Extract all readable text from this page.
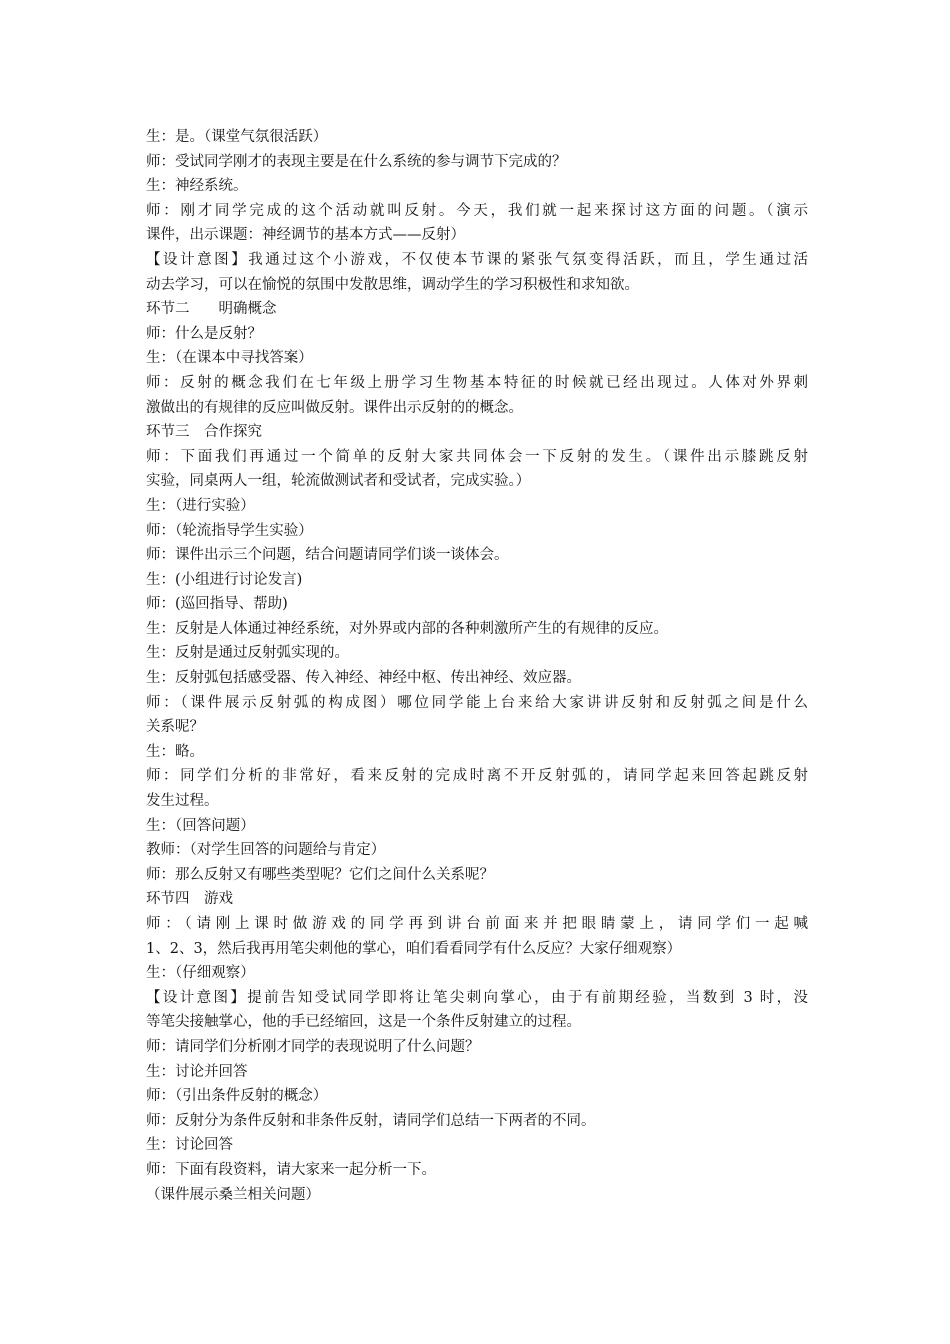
生：是。（课堂气氛很活跃）
师：受试同学刚才的表现主要是在什么系统的参与调节下完成的？
生：神经系统。
师：刚才同学完成的这个活动就叫反射。今天，我们就一起来探讨这方面的问题。（演示
课件，出示课题：神经调节的基本方式——反射）
【设计意图】我通过这个小游戏，不仅使本节课的紧张气氛变得活跃，而且，学生通过活
动去学习，可以在愉悦的氛围中发散思维，调动学生的学习积极性和求知欲。
环节二　　明确概念
师：什么是反射？
生：（在课本中寻找答案）
师：反射的概念我们在七年级上册学习生物基本特征的时候就已经出现过。人体对外界刺
激做出的有规律的反应叫做反射。课件出示反射的的概念。
环节三　合作探究
师：下面我们再通过一个简单的反射大家共同体会一下反射的发生。（课件出示膝跳反射
实验，同桌两人一组，轮流做测试者和受试者，完成实验。）
生：（进行实验）
师：（轮流指导学生实验）
师：课件出示三个问题，结合问题请同学们谈一谈体会。
生：(小组进行讨论发言)
师：(巡回指导、帮助)
生：反射是人体通过神经系统，对外界或内部的各种刺激所产生的有规律的反应。
生：反射是通过反射弧实现的。
生：反射弧包括感受器、传入神经、神经中枢、传出神经、效应器。
师：（课件展示反射弧的构成图）哪位同学能上台来给大家讲讲反射和反射弧之间是什么
关系呢？
生：略。
师：同学们分析的非常好，看来反射的完成时离不开反射弧的，请同学起来回答起跳反射
发生过程。
生：（回答问题）
教师：（对学生回答的问题给与肯定）
师：那么反射又有哪些类型呢？它们之间什么关系呢？
环节四　游戏
师：（请刚上课时做游戏的同学再到讲台前面来并把眼睛蒙上，请同学们一起喊
1、2、3，然后我再用笔尖刺他的掌心，咱们看看同学有什么反应？大家仔细观察）
生：（仔细观察）
【设计意图】提前告知受试同学即将让笔尖刺向掌心，由于有前期经验，当数到 3 时，没
等笔尖接触掌心，他的手已经缩回，这是一个条件反射建立的过程。
师：请同学们分析刚才同学的表现说明了什么问题？
生：讨论并回答
师：（引出条件反射的概念）
师：反射分为条件反射和非条件反射，请同学们总结一下两者的不同。
生：讨论回答
师：下面有段资料，请大家来一起分析一下。
（课件展示桑兰相关问题）
